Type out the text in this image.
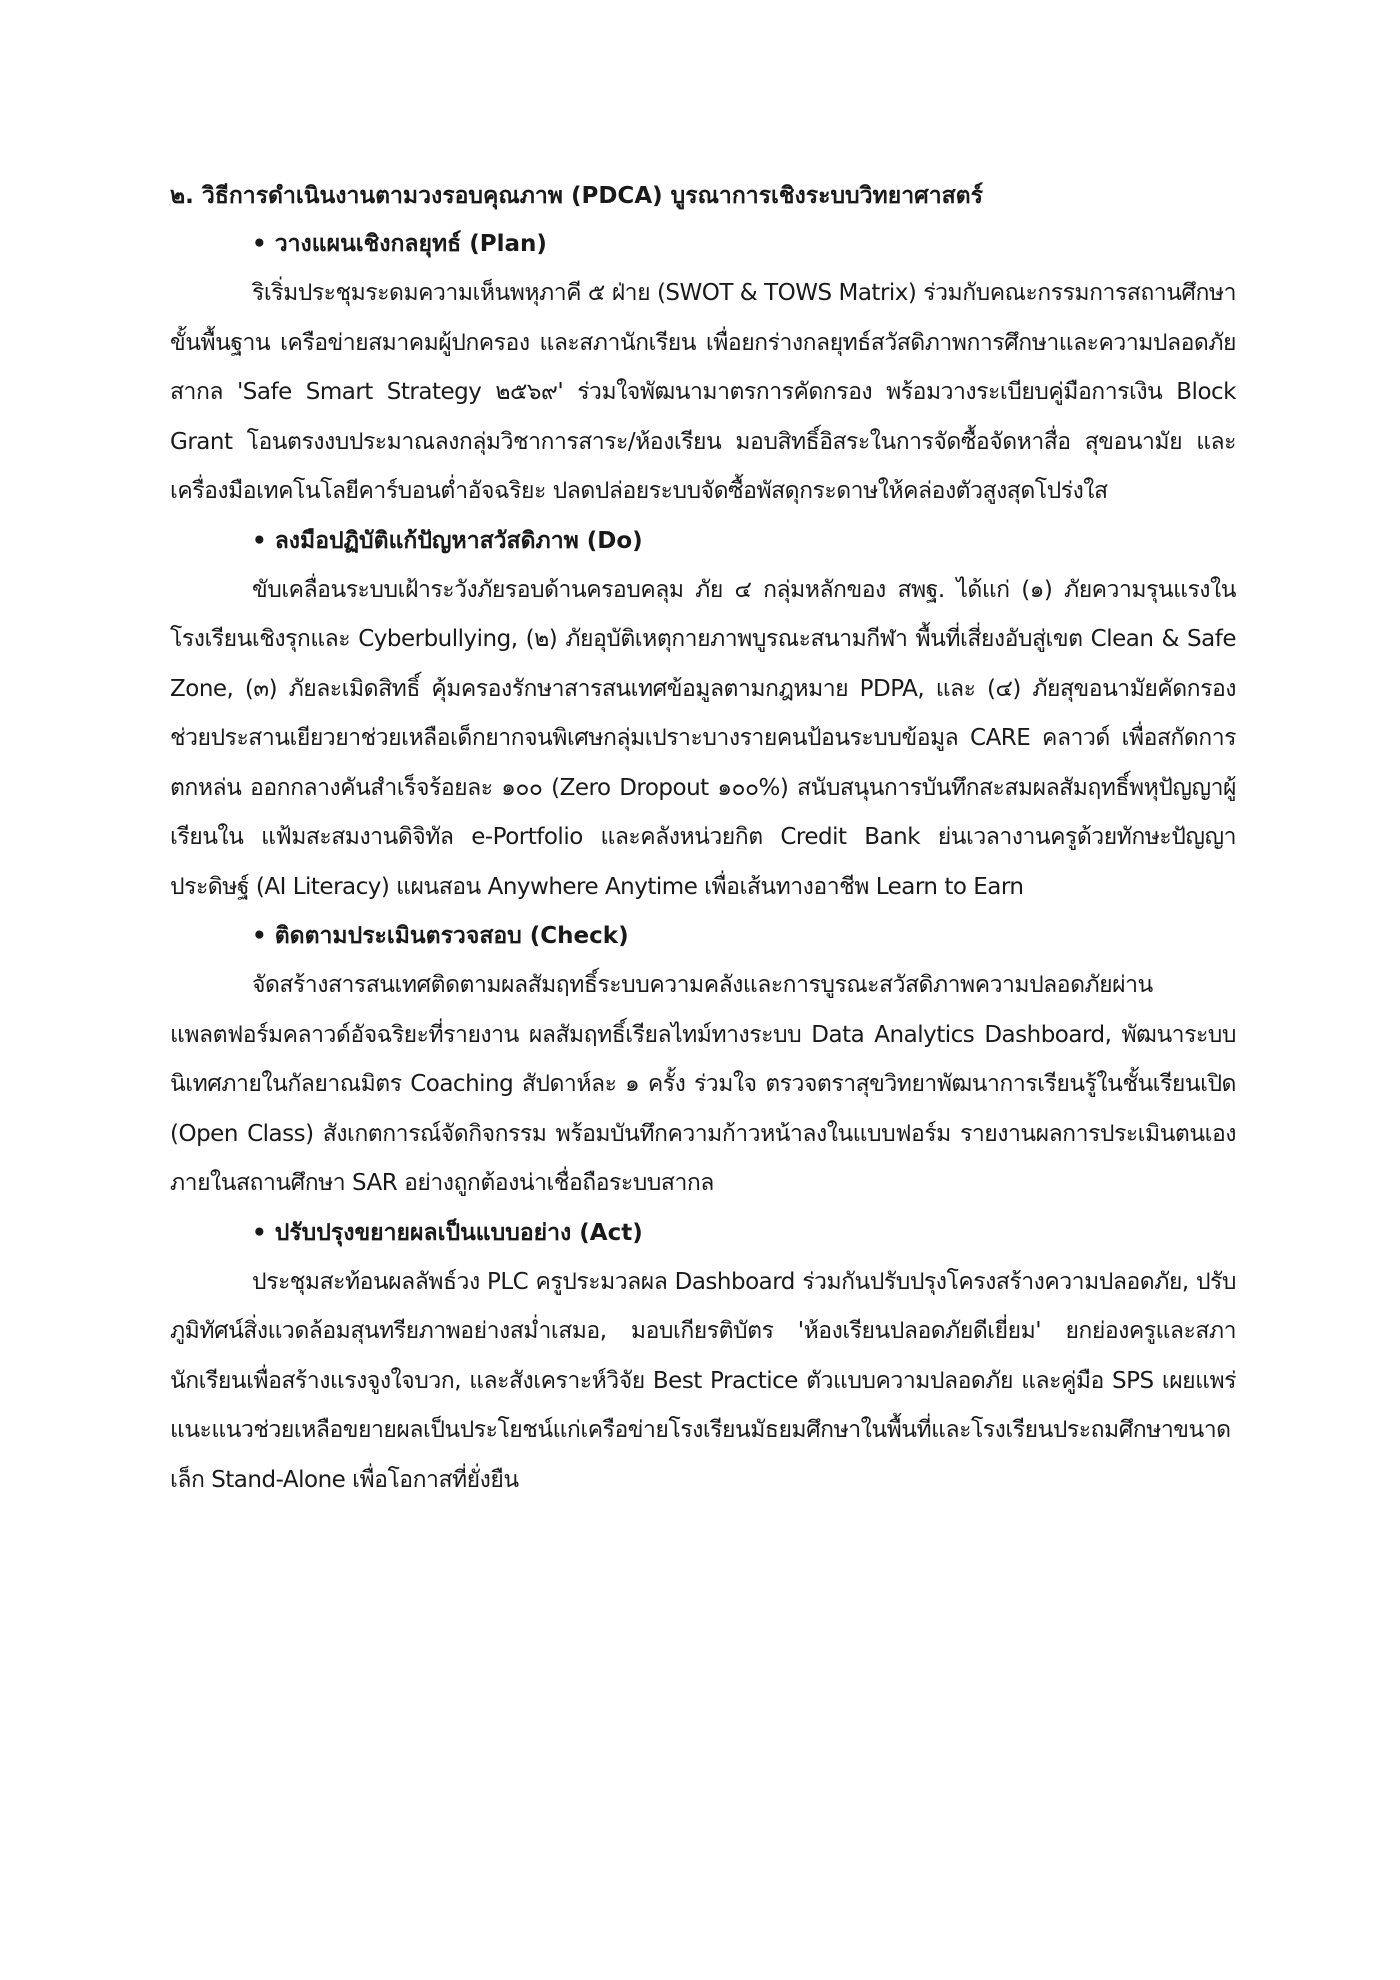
๒. วิธีการดำเนินงานตามวงรอบคุณภาพ (PDCA) บูรณาการเชิงระบบวิทยาศาสตร์

• วางแผนเชิงกลยุทธ์ (Plan)

ริเริ่มประชุมระดมความเห็นพหุภาคี ๕ ฝ่าย (SWOT & TOWS Matrix) ร่วมกับคณะกรรมการสถานศึกษาขั้นพื้นฐาน เครือข่ายสมาคมผู้ปกครอง และสภานักเรียน เพื่อยกร่างกลยุทธ์สวัสดิภาพการศึกษาและความปลอดภัยสากล 'Safe Smart Strategy ๒๕๖๙' ร่วมใจพัฒนามาตรการคัดกรอง พร้อมวางระเบียบคู่มือการเงิน Block Grant โอนตรงงบประมาณลงกลุ่มวิชาการสาระ/ห้องเรียน มอบสิทธิ์อิสระในการจัดซื้อจัดหาสื่อ สุขอนามัย และเครื่องมือเทคโนโลยีคาร์บอนต่ำอัจฉริยะ ปลดปล่อยระบบจัดซื้อพัสดุกระดาษให้คล่องตัวสูงสุดโปร่งใส

• ลงมือปฏิบัติแก้ปัญหาสวัสดิภาพ (Do)

ขับเคลื่อนระบบเฝ้าระวังภัยรอบด้านครอบคลุม ภัย ๔ กลุ่มหลักของ สพฐ. ได้แก่ (๑) ภัยความรุนแรงในโรงเรียนเชิงรุกและ Cyberbullying, (๒) ภัยอุบัติเหตุกายภาพบูรณะสนามกีฬา พื้นที่เสี่ยงอับสู่เขต Clean & Safe Zone, (๓) ภัยละเมิดสิทธิ์ คุ้มครองรักษาสารสนเทศข้อมูลตามกฎหมาย PDPA, และ (๔) ภัยสุขอนามัยคัดกรองช่วยประสานเยียวยาช่วยเหลือเด็กยากจนพิเศษกลุ่มเปราะบางรายคนป้อนระบบข้อมูล CARE คลาวด์ เพื่อสกัดการตกหล่น ออกกลางคันสำเร็จร้อยละ ๑๐๐ (Zero Dropout ๑๐๐%) สนับสนุนการบันทึกสะสมผลสัมฤทธิ์พหุปัญญาผู้เรียนใน แฟ้มสะสมงานดิจิทัล e-Portfolio และคลังหน่วยกิต Credit Bank ย่นเวลางานครูด้วยทักษะปัญญาประดิษฐ์ (AI Literacy) แผนสอน Anywhere Anytime เพื่อเส้นทางอาชีพ Learn to Earn

• ติดตามประเมินตรวจสอบ (Check)

จัดสร้างสารสนเทศติดตามผลสัมฤทธิ์ระบบความคลังและการบูรณะสวัสดิภาพความปลอดภัยผ่านแพลตฟอร์มคลาวด์อัจฉริยะที่รายงาน ผลสัมฤทธิ์เรียลไทม์ทางระบบ Data Analytics Dashboard, พัฒนาระบบนิเทศภายในกัลยาณมิตร Coaching สัปดาห์ละ ๑ ครั้ง ร่วมใจ ตรวจตราสุขวิทยาพัฒนาการเรียนรู้ในชั้นเรียนเปิด (Open Class) สังเกตการณ์จัดกิจกรรม พร้อมบันทึกความก้าวหน้าลงในแบบฟอร์ม รายงานผลการประเมินตนเองภายในสถานศึกษา SAR อย่างถูกต้องน่าเชื่อถือระบบสากล

• ปรับปรุงขยายผลเป็นแบบอย่าง (Act)

ประชุมสะท้อนผลลัพธ์วง PLC ครูประมวลผล Dashboard ร่วมกันปรับปรุงโครงสร้างความปลอดภัย, ปรับภูมิทัศน์สิ่งแวดล้อมสุนทรียภาพอย่างสม่ำเสมอ, มอบเกียรติบัตร 'ห้องเรียนปลอดภัยดีเยี่ยม' ยกย่องครูและสภานักเรียนเพื่อสร้างแรงจูงใจบวก, และสังเคราะห์วิจัย Best Practice ตัวแบบความปลอดภัย และคู่มือ SPS เผยแพร่แนะแนวช่วยเหลือขยายผลเป็นประโยชน์แก่เครือข่ายโรงเรียนมัธยมศึกษาในพื้นที่และโรงเรียนประถมศึกษาขนาดเล็ก Stand-Alone เพื่อโอกาสที่ยั่งยืน
